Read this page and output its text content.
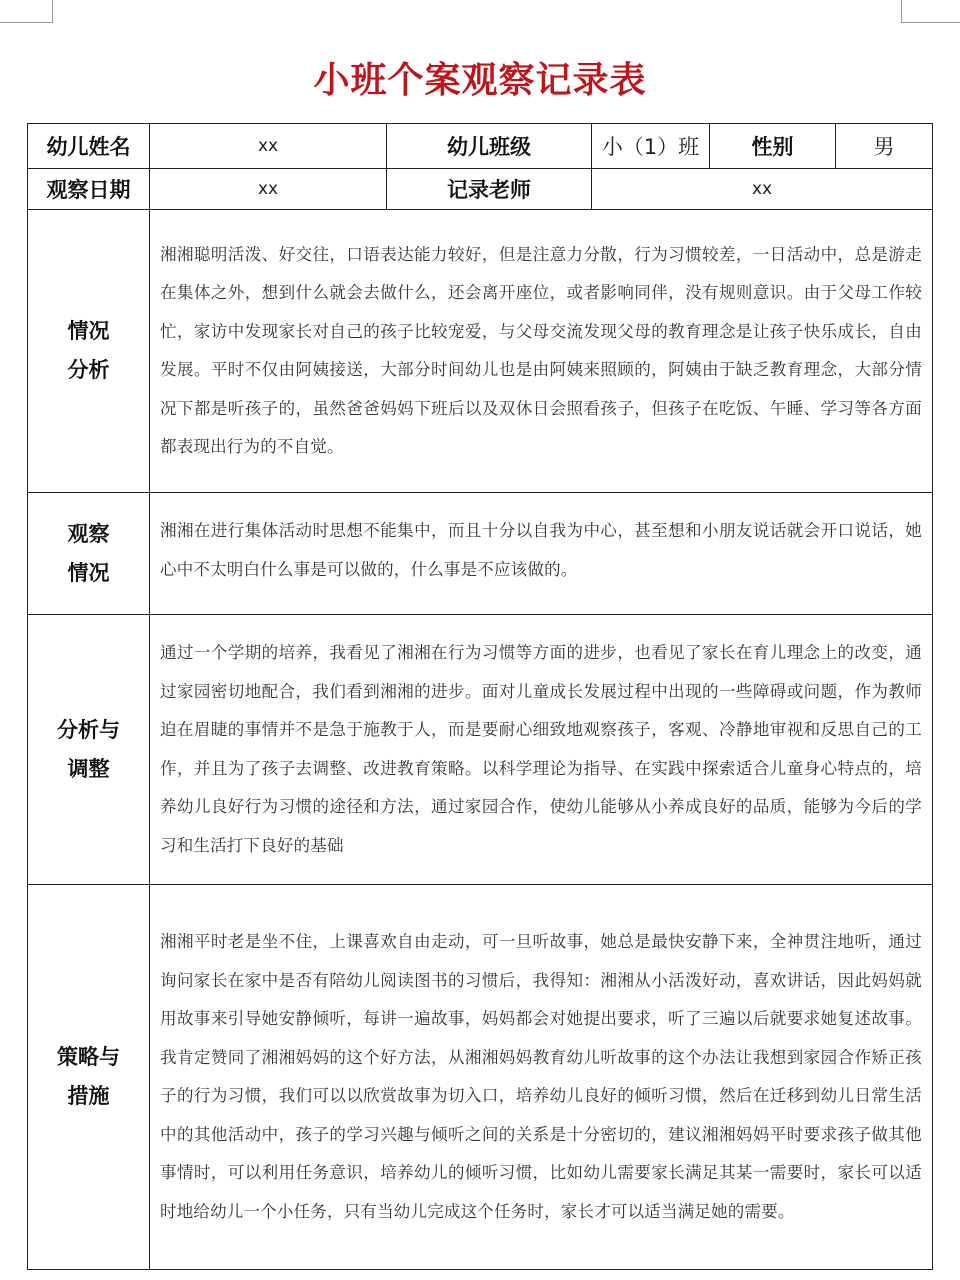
小班个案观察记录表
幼儿姓名	xx	幼儿班级	小（1）班	性别	男
观察日期	xx	记录老师	xx		

情况
分析	湘湘聪明活泼、好交往，口语表达能力较好，但是注意力分散，行为习惯较差，一日活动中，总是游走在集体之外，想到什么就会去做什么，还会离开座位，或者影响同伴，没有规则意识。由于父母工作较忙，家访中发现家长对自己的孩子比较宠爱，与父母交流发现父母的教育理念是让孩子快乐成长，自由发展。平时不仅由阿姨接送，大部分时间幼儿也是由阿姨来照顾的，阿姨由于缺乏教育理念，大部分情况下都是听孩子的，虽然爸爸妈妈下班后以及双休日会照看孩子，但孩子在吃饭、午睡、学习等各方面都表现出行为的不自觉。				

观察
情况	湘湘在进行集体活动时思想不能集中，而且十分以自我为中心，甚至想和小朋友说话就会开口说话，她心中不太明白什么事是可以做的，什么事是不应该做的。				

分析与
调整	通过一个学期的培养，我看见了湘湘在行为习惯等方面的进步，也看见了家长在育儿理念上的改变，通过家园密切地配合，我们看到湘湘的进步。面对儿童成长发展过程中出现的一些障碍或问题，作为教师迫在眉睫的事情并不是急于施教于人，而是要耐心细致地观察孩子，客观、冷静地审视和反思自己的工作，并且为了孩子去调整、改进教育策略。以科学理论为指导、在实践中探索适合儿童身心特点的，培养幼儿良好行为习惯的途径和方法，通过家园合作，使幼儿能够从小养成良好的品质，能够为今后的学习和生活打下良好的基础				

策略与
措施	湘湘平时老是坐不住，上课喜欢自由走动，可一旦听故事，她总是最快安静下来，全神贯注地听，通过询问家长在家中是否有陪幼儿阅读图书的习惯后，我得知：湘湘从小活泼好动，喜欢讲话，因此妈妈就用故事来引导她安静倾听，每讲一遍故事，妈妈都会对她提出要求，听了三遍以后就要求她复述故事。我肯定赞同了湘湘妈妈的这个好方法，从湘湘妈妈教育幼儿听故事的这个办法让我想到家园合作矫正孩子的行为习惯，我们可以以欣赏故事为切入口，培养幼儿良好的倾听习惯，然后在迁移到幼儿日常生活中的其他活动中，孩子的学习兴趣与倾听之间的关系是十分密切的，建议湘湘妈妈平时要求孩子做其他事情时，可以利用任务意识，培养幼儿的倾听习惯，比如幼儿需要家长满足其某一需要时，家长可以适时地给幼儿一个小任务，只有当幼儿完成这个任务时，家长才可以适当满足她的需要。				
